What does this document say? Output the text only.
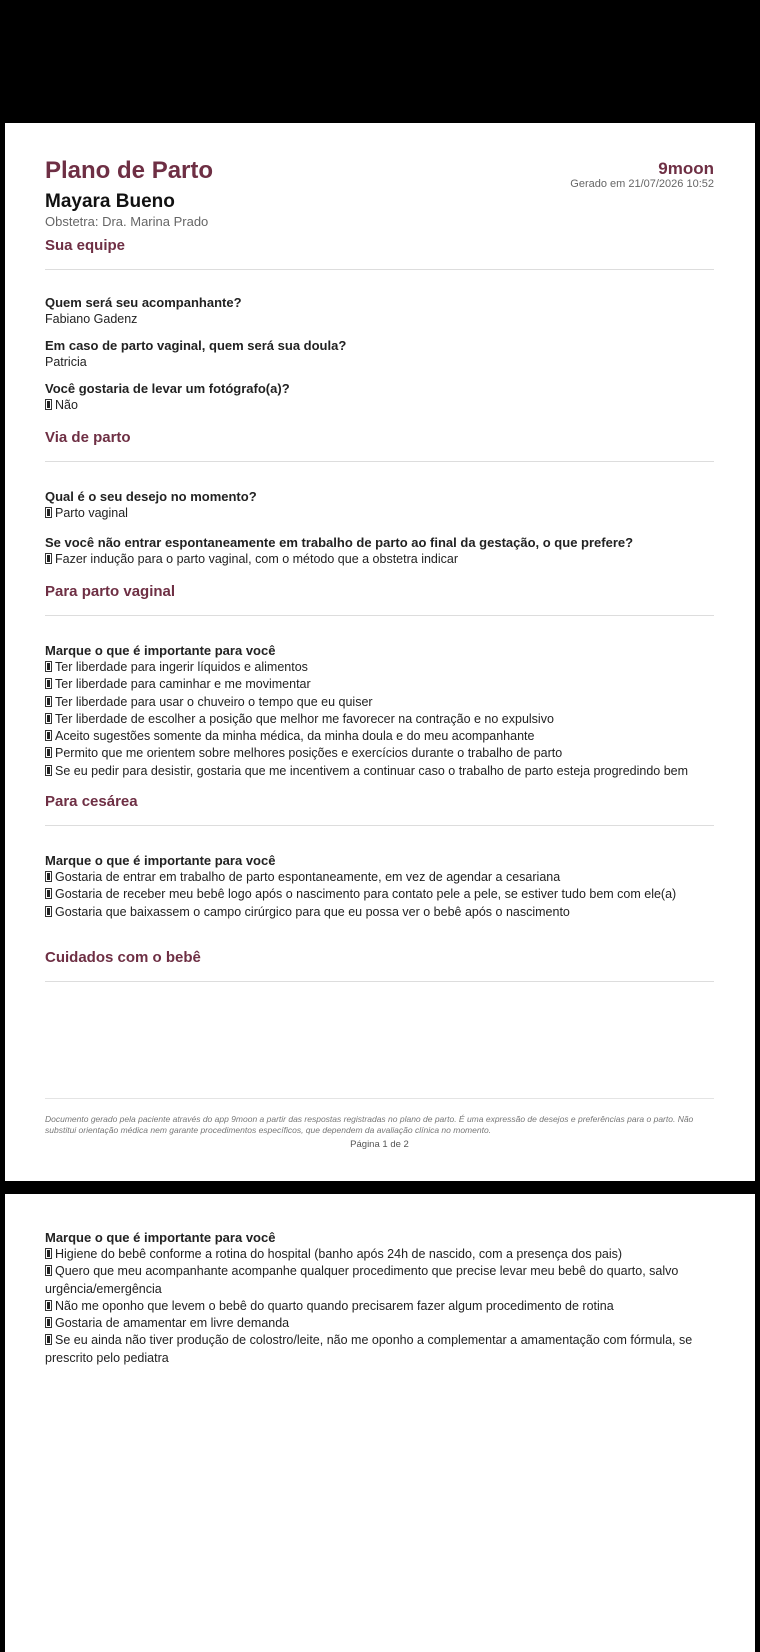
Plano de Parto
Mayara Bueno
Obstetra: Dra. Marina Prado
9moon
Gerado em 21/07/2026 10:52
Sua equipe
Quem será seu acompanhante?
Fabiano Gadenz
Em caso de parto vaginal, quem será sua doula?
Patricia
Você gostaria de levar um fotógrafo(a)?
Não
Via de parto
Qual é o seu desejo no momento?
Parto vaginal
Se você não entrar espontaneamente em trabalho de parto ao final da gestação, o que prefere?
Fazer indução para o parto vaginal, com o método que a obstetra indicar
Para parto vaginal
Marque o que é importante para você
Ter liberdade para ingerir líquidos e alimentos
Ter liberdade para caminhar e me movimentar
Ter liberdade para usar o chuveiro o tempo que eu quiser
Ter liberdade de escolher a posição que melhor me favorecer na contração e no expulsivo
Aceito sugestões somente da minha médica, da minha doula e do meu acompanhante
Permito que me orientem sobre melhores posições e exercícios durante o trabalho de parto
Se eu pedir para desistir, gostaria que me incentivem a continuar caso o trabalho de parto esteja progredindo bem
Para cesárea
Marque o que é importante para você
Gostaria de entrar em trabalho de parto espontaneamente, em vez de agendar a cesariana
Gostaria de receber meu bebê logo após o nascimento para contato pele a pele, se estiver tudo bem com ele(a)
Gostaria que baixassem o campo cirúrgico para que eu possa ver o bebê após o nascimento
Cuidados com o bebê
Documento gerado pela paciente através do app 9moon a partir das respostas registradas no plano de parto. É uma expressão de desejos e preferências para o parto. Não substitui orientação médica nem garante procedimentos específicos, que dependem da avaliação clínica no momento.
Página 1 de 2
Marque o que é importante para você
Higiene do bebê conforme a rotina do hospital (banho após 24h de nascido, com a presença dos pais)
Quero que meu acompanhante acompanhe qualquer procedimento que precise levar meu bebê do quarto, salvo urgência/emergência
Não me oponho que levem o bebê do quarto quando precisarem fazer algum procedimento de rotina
Gostaria de amamentar em livre demanda
Se eu ainda não tiver produção de colostro/leite, não me oponho a complementar a amamentação com fórmula, se prescrito pelo pediatra
